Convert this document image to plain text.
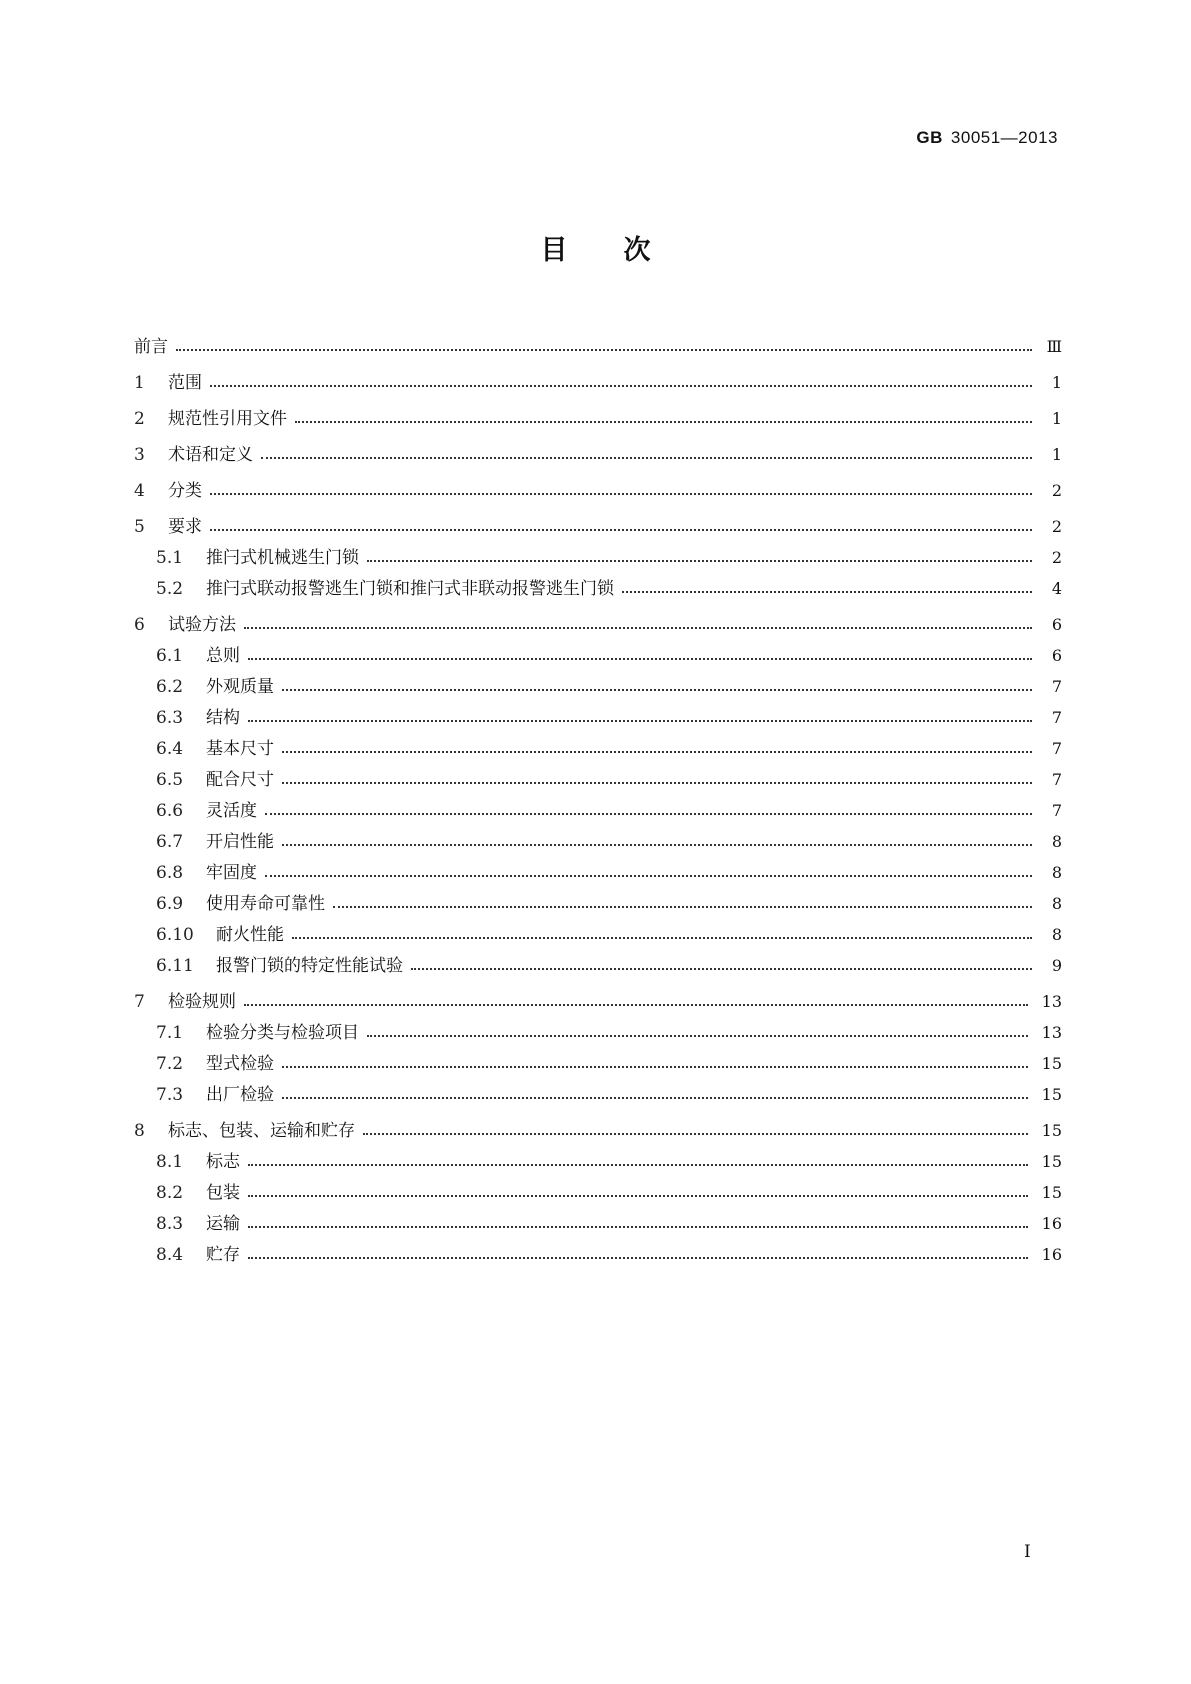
GB 30051—2013
目次
前言	Ⅲ
1	范围	1
2	规范性引用文件	1
3	术语和定义	1
4	分类	2
5	要求	2
5.1	推闩式机械逃生门锁	2
5.2	推闩式联动报警逃生门锁和推闩式非联动报警逃生门锁	4
6	试验方法	6
6.1	总则	6
6.2	外观质量	7
6.3	结构	7
6.4	基本尺寸	7
6.5	配合尺寸	7
6.6	灵活度	7
6.7	开启性能	8
6.8	牢固度	8
6.9	使用寿命可靠性	8
6.10	耐火性能	8
6.11	报警门锁的特定性能试验	9
7	检验规则	13
7.1	检验分类与检验项目	13
7.2	型式检验	15
7.3	出厂检验	15
8	标志、包装、运输和贮存	15
8.1	标志	15
8.2	包装	15
8.3	运输	16
8.4	贮存	16
I
